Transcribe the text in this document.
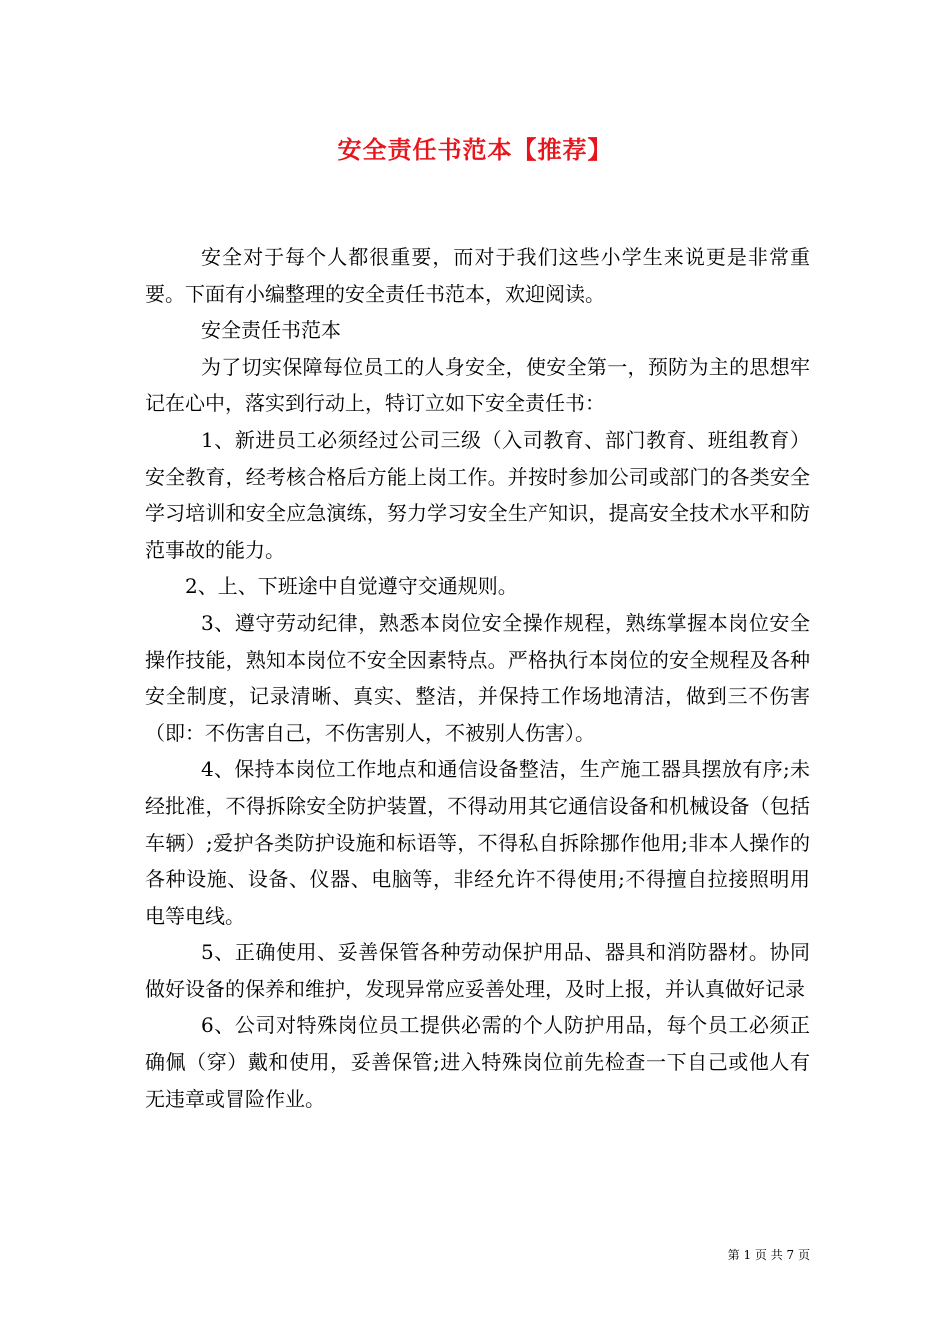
安全责任书范本【推荐】

安全对于每个人都很重要，而对于我们这些小学生来说更是非常重要。下面有小编整理的安全责任书范本，欢迎阅读。

安全责任书范本

为了切实保障每位员工的人身安全，使安全第一，预防为主的思想牢记在心中，落实到行动上，特订立如下安全责任书：

1、新进员工必须经过公司三级（入司教育、部门教育、班组教育）安全教育，经考核合格后方能上岗工作。并按时参加公司或部门的各类安全学习培训和安全应急演练，努力学习安全生产知识，提高安全技术水平和防范事故的能力。

2、上、下班途中自觉遵守交通规则。

3、遵守劳动纪律，熟悉本岗位安全操作规程，熟练掌握本岗位安全操作技能，熟知本岗位不安全因素特点。严格执行本岗位的安全规程及各种安全制度，记录清晰、真实、整洁，并保持工作场地清洁，做到三不伤害（即：不伤害自己，不伤害别人，不被别人伤害）。

4、保持本岗位工作地点和通信设备整洁，生产施工器具摆放有序;未经批准，不得拆除安全防护装置，不得动用其它通信设备和机械设备（包括车辆）;爱护各类防护设施和标语等，不得私自拆除挪作他用;非本人操作的各种设施、设备、仪器、电脑等，非经允许不得使用;不得擅自拉接照明用电等电线。

5、正确使用、妥善保管各种劳动保护用品、器具和消防器材。协同做好设备的保养和维护，发现异常应妥善处理，及时上报，并认真做好记录

6、公司对特殊岗位员工提供必需的个人防护用品，每个员工必须正确佩（穿）戴和使用，妥善保管;进入特殊岗位前先检查一下自己或他人有无违章或冒险作业。

第 1 页 共 7 页
